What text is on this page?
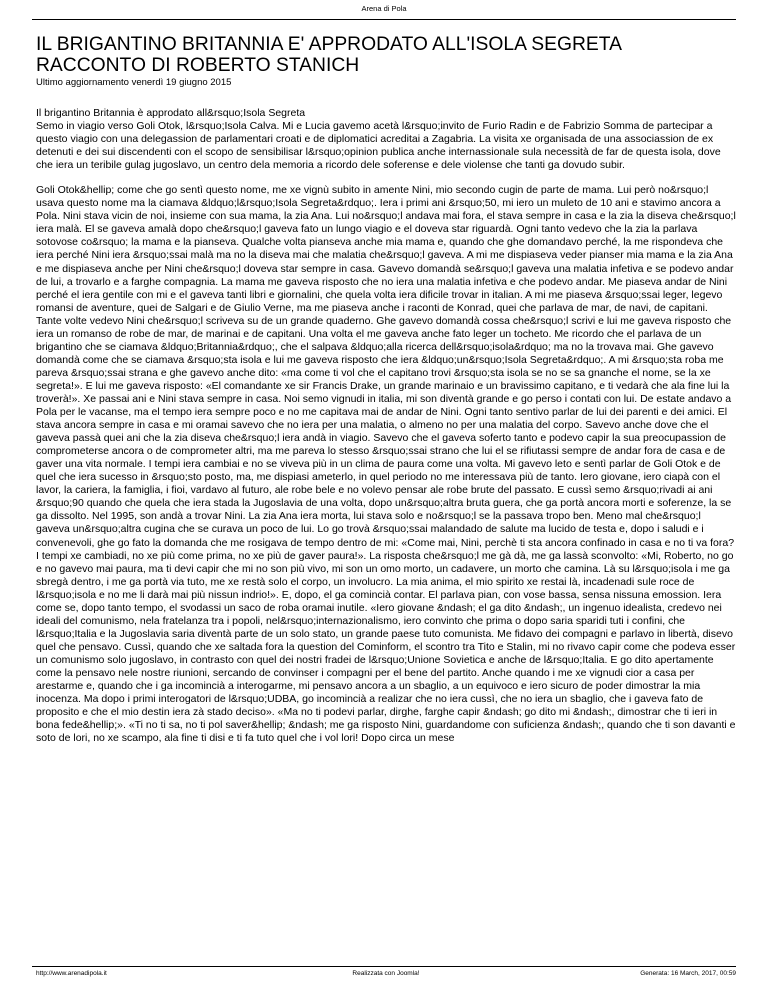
Arena di Pola
IL BRIGANTINO BRITANNIA E' APPRODATO ALL'ISOLA SEGRETA RACCONTO DI ROBERTO STANICH
Ultimo aggiornamento venerdì 19 giugno 2015

Il brigantino Britannia è approdato all&rsquo;Isola Segreta

Semo in viagio verso Goli Otok, l&rsquo;Isola Calva. Mi e Lucia gavemo acetà l&rsquo;invito de Furio Radin e de Fabrizio Somma de partecipar a questo viagio con una delegassion de parlamentari croati e de diplomatici acreditai a Zagabria. La visita xe organisada de una associassion de ex detenuti e dei sui discendenti con el scopo de sensibilisar l&rsquo;opinion publica anche internassionale sula necessità de far de questa isola, dove che iera un teribile gulag jugoslavo, un centro dela memoria a ricordo dele soferense e dele violense che tanti ga dovudo subir.

Goli Otok&hellip; come che go sentì questo nome, me xe vignù subito in amente Nini, mio secondo cugin de parte de mama. Lui però no&rsquo;l usava questo nome ma la ciamava &ldquo;l&rsquo;Isola Segreta&rdquo;. Iera i primi ani &rsquo;50, mi iero un muleto de 10 ani e stavimo ancora a Pola. Nini stava vicin de noi, insieme con sua mama, la zia Ana. Lui no&rsquo;l andava mai fora, el stava sempre in casa e la zia la diseva che&rsquo;l iera malà. El se gaveva amalà dopo che&rsquo;l gaveva fato un lungo viagio e el doveva star riguardà. Ogni tanto vedevo che la zia la parlava sotovose co&rsquo; la mama e la pianseva. Qualche volta pianseva anche mia mama e, quando che ghe domandavo perché, la me rispondeva che iera perché Nini iera &rsquo;ssai malà ma no la diseva mai che malatia che&rsquo;l gaveva. A mi me dispiaseva veder pianser mia mama e la zia Ana e me dispiaseva anche per Nini che&rsquo;l doveva star sempre in casa. Gavevo domandà se&rsquo;l gaveva una malatia infetiva e se podevo andar de lui, a trovarlo e a farghe compagnia. La mama me gaveva risposto che no iera una malatia infetiva e che podevo andar. Me piaseva andar de Nini perché el iera gentile con mi e el gaveva tanti libri e giornalini, che quela volta iera dificile trovar in italian. A mi me piaseva &rsquo;ssai leger, legevo romansi de aventure, quei de Salgari e de Giulio Verne, ma me piaseva anche i raconti de Konrad, quei che parlava de mar, de navi, de capitani. Tante volte vedevo Nini che&rsquo;l scriveva su de un grande quaderno. Ghe gavevo domandà cossa che&rsquo;l scrivi e lui me gaveva risposto che iera un romanso de robe de mar, de marinai e de capitani. Una volta el me gaveva anche fato leger un tocheto. Me ricordo che el parlava de un brigantino che se ciamava &ldquo;Britannia&rdquo;, che el salpava &ldquo;alla ricerca dell&rsquo;isola&rdquo; ma no la trovava mai. Ghe gavevo domandà come che se ciamava &rsquo;sta isola e lui me gaveva risposto che iera &ldquo;un&rsquo;Isola Segreta&rdquo;. A mi &rsquo;sta roba me pareva &rsquo;ssai strana e ghe gavevo anche dito: «ma come ti vol che el capitano trovi &rsquo;sta isola se no se sa gnanche el nome, se la xe segreta!». E lui me gaveva risposto: «El comandante xe sir Francis Drake, un grande marinaio e un bravissimo capitano, e ti vedarà che ala fine lui la troverà!». Xe passai ani e Nini stava sempre in casa. Noi semo vignudi in italia, mi son diventà grande e go perso i contati con lui. De estate andavo a Pola per le vacanse, ma el tempo iera sempre poco e no me capitava mai de andar de Nini. Ogni tanto sentivo parlar de lui dei parenti e dei amici. El stava ancora sempre in casa e mi oramai savevo che no iera per una malatia, o almeno no per una malatia del corpo. Savevo anche dove che el gaveva passà quei ani che la zia diseva che&rsquo;l iera andà in viagio. Savevo che el gaveva soferto tanto e podevo capir la sua preocupassion de comprometerse ancora o de comprometer altri, ma me pareva lo stesso &rsquo;ssai strano che lui el se rifiutassi sempre de andar fora de casa e de gaver una vita normale. I tempi iera cambiai e no se viveva più in un clima de paura come una volta. Mi gavevo leto e sentì parlar de Goli Otok e de quel che iera sucesso in &rsquo;sto posto, ma, me dispiasi ameterlo, in quel periodo no me interessava più de tanto. Iero giovane, iero ciapà con el lavor, la cariera, la famiglia, i fioi, vardavo al futuro, ale robe bele e no volevo pensar ale robe brute del passato. E cussì semo &rsquo;rivadi ai ani &rsquo;90 quando che quela che iera stada la Jugoslavia de una volta, dopo un&rsquo;altra bruta guera, che ga portà ancora morti e soferenze, la se ga dissolto. Nel 1995, son andà a trovar Nini. La zia Ana iera morta, lui stava solo e no&rsquo;l se la passava tropo ben. Meno mal che&rsquo;l gaveva un&rsquo;altra cugina che se curava un poco de lui. Lo go trovà &rsquo;ssai malandado de salute ma lucido de testa e, dopo i saludi e i convenevoli, ghe go fato la domanda che me rosigava de tempo dentro de mi: «Come mai, Nini, perchè ti sta ancora confinado in casa e no ti va fora? I tempi xe cambiadi, no xe più come prima, no xe più de gaver paura!». La risposta che&rsquo;l me gà dà, me ga lassà sconvolto: «Mi, Roberto, no go e no gavevo mai paura, ma ti devi capir che mi no son più vivo, mi son un omo morto, un cadavere, un morto che camina. Là su l&rsquo;isola i me ga sbregà dentro, i me ga portà via tuto, me xe restà solo el corpo, un involucro. La mia anima, el mio spirito xe restai là, incadenadi sule roce de l&rsquo;isola e no me li darà mai più nissun indrio!». E, dopo, el ga comincià contar. El parlava pian, con vose bassa, sensa nissuna emossion. Iera come se, dopo tanto tempo, el svodassi un saco de roba oramai inutile. «Iero giovane &ndash; el ga dito &ndash;, un ingenuo idealista, credevo nei ideali del comunismo, nela fratelanza tra i popoli, nel&rsquo;internazionalismo, iero convinto che prima o dopo saria sparidi tuti i confini, che l&rsquo;Italia e la Jugoslavia saria diventà parte de un solo stato, un grande paese tuto comunista. Me fidavo dei compagni e parlavo in libertà, disevo quel che pensavo. Cussì, quando che xe saltada fora la question del Cominform, el scontro tra Tito e Stalin, mi no rivavo capir come che podeva esser un comunismo solo jugoslavo, in contrasto con quel dei nostri fradei de l&rsquo;Unione Sovietica e anche de l&rsquo;Italia. E go dito apertamente come la pensavo nele nostre riunioni, sercando de convinser i compagni per el bene del partito. Anche quando i me xe vignudi cior a casa per arestarme e, quando che i ga incomincià a interogarme, mi pensavo ancora a un sbaglio, a un equivoco e iero sicuro de poder dimostrar la mia inocenza. Ma dopo i primi interogatori de l&rsquo;UDBA, go incomincià a realizar che no iera cussì, che no iera un sbaglio, che i gaveva fato de proposito e che el mio destin iera zà stado deciso». «Ma no ti podevi parlar, dirghe, farghe capir &ndash; go dito mi &ndash;, dimostrar che ti ieri in bona fede&hellip;». «Ti no ti sa, no ti pol saver&hellip; &ndash; me ga risposto Nini, guardandome con suficienza &ndash;, quando che ti son davanti e soto de lori, no xe scampo, ala fine ti disi e ti fa tuto quel che i vol lori! Dopo circa un mese

http://www.arenadipola.it	Realizzata con Joomla!	Generata: 16 March, 2017, 00:59
